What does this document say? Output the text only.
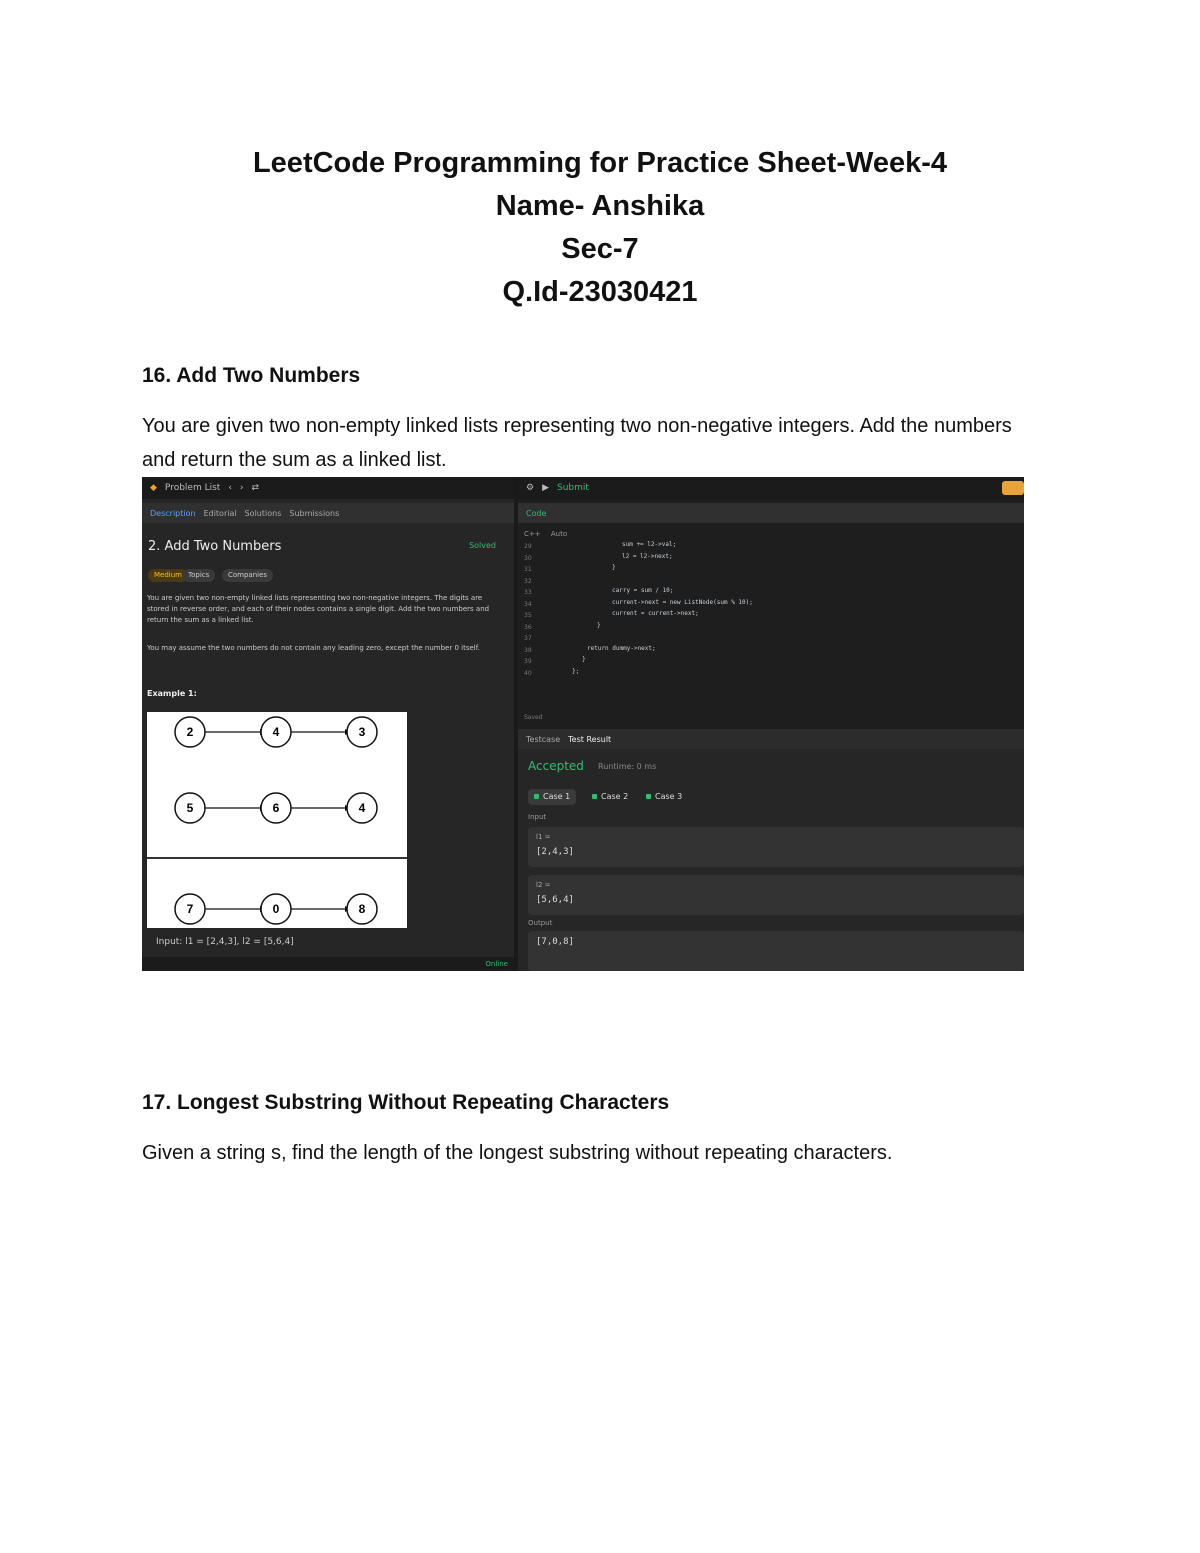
LeetCode Programming for Practice Sheet-Week-4
Name- Anshika
Sec-7
Q.Id-23030421
16. Add Two Numbers
You are given two non-empty linked lists representing two non-negative integers. Add the numbers and return the sum as a linked list.
◆ Problem List ‹ › ⇄
Description Editorial Solutions Submissions
2. Add Two Numbers	Solved
Medium Topics	Companies
You are given two non-empty linked lists representing two non-negative integers. The digits are stored in reverse order, and each of their nodes contains a single digit. Add the two numbers and return the sum as a linked list.
You may assume the two numbers do not contain any leading zero, except the number 0 itself.
Example 1:
2	4	3
5	6	4
7	0	8
Input: l1 = [2,4,3], l2 = [5,6,4]
Online
⚙ ▶ Submit
Code
C++ Auto
29	sum += l2->val;
30	l2 = l2->next;
31	}
32
33	carry = sum / 10;
34	current->next = new ListNode(sum % 10);
35	current = current->next;
36	}
37
38	return dummy->next;
39	}
40	};
Saved
Testcase Test Result
Accepted Runtime: 0 ms
Case 1	Case 2	Case 3
Input
l1 =
[2,4,3]
l2 =
[5,6,4]
Output
[7,0,8]
17. Longest Substring Without Repeating Characters
Given a string s, find the length of the longest substring without repeating characters.
